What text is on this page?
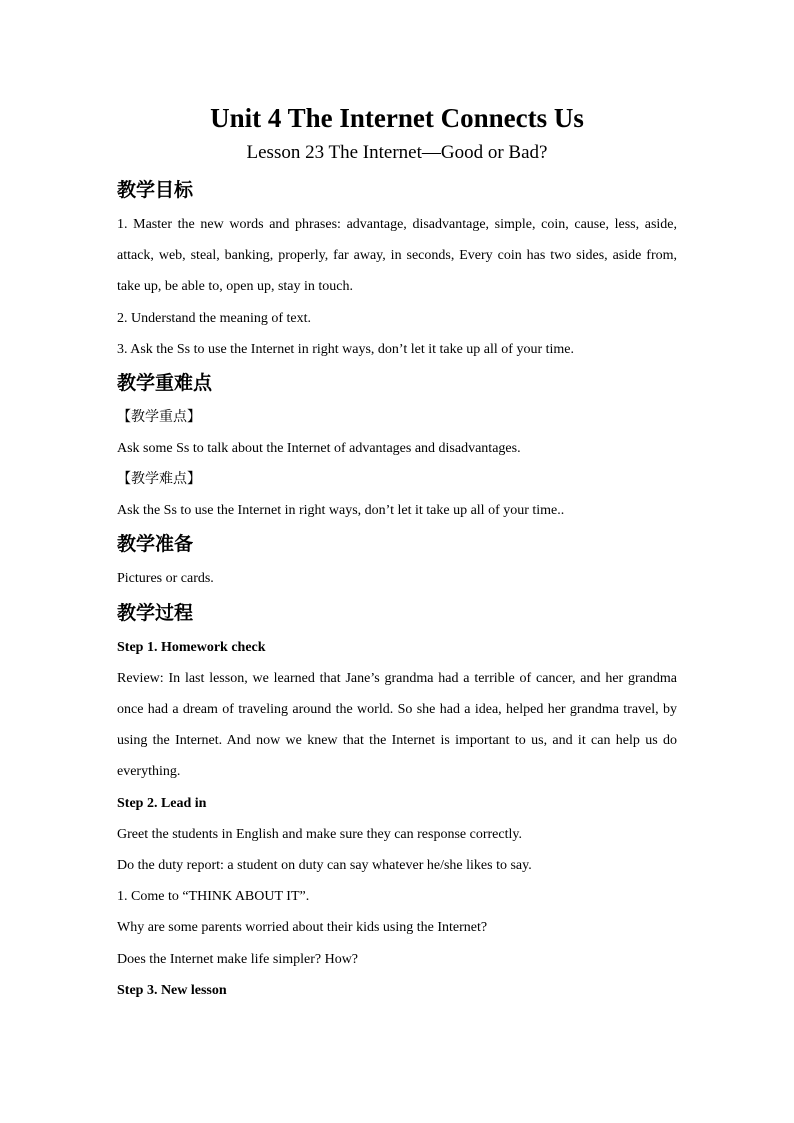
Unit 4 The Internet Connects Us
Lesson 23 The Internet—Good or Bad?
教学目标

1. Master the new words and phrases: advantage, disadvantage, simple, coin, cause, less, aside, attack, web, steal, banking, properly, far away, in seconds, Every coin has two sides, aside from, take up, be able to, open up, stay in touch.

2. Understand the meaning of text.

3. Ask the Ss to use the Internet in right ways, don’t let it take up all of your time.

教学重难点

【教学重点】

Ask some Ss to talk about the Internet of advantages and disadvantages.

【教学难点】

Ask the Ss to use the Internet in right ways, don’t let it take up all of your time..

教学准备

Pictures or cards.

教学过程

Step 1. Homework check

Review: In last lesson, we learned that Jane’s grandma had a terrible of cancer, and her grandma once had a dream of traveling around the world. So she had a idea, helped her grandma travel, by using the Internet. And now we knew that the Internet is important to us, and it can help us do everything.

Step 2. Lead in

Greet the students in English and make sure they can response correctly.

Do the duty report: a student on duty can say whatever he/she likes to say.

1. Come to “THINK ABOUT IT”.

Why are some parents worried about their kids using the Internet?

Does the Internet make life simpler? How?

Step 3. New lesson
